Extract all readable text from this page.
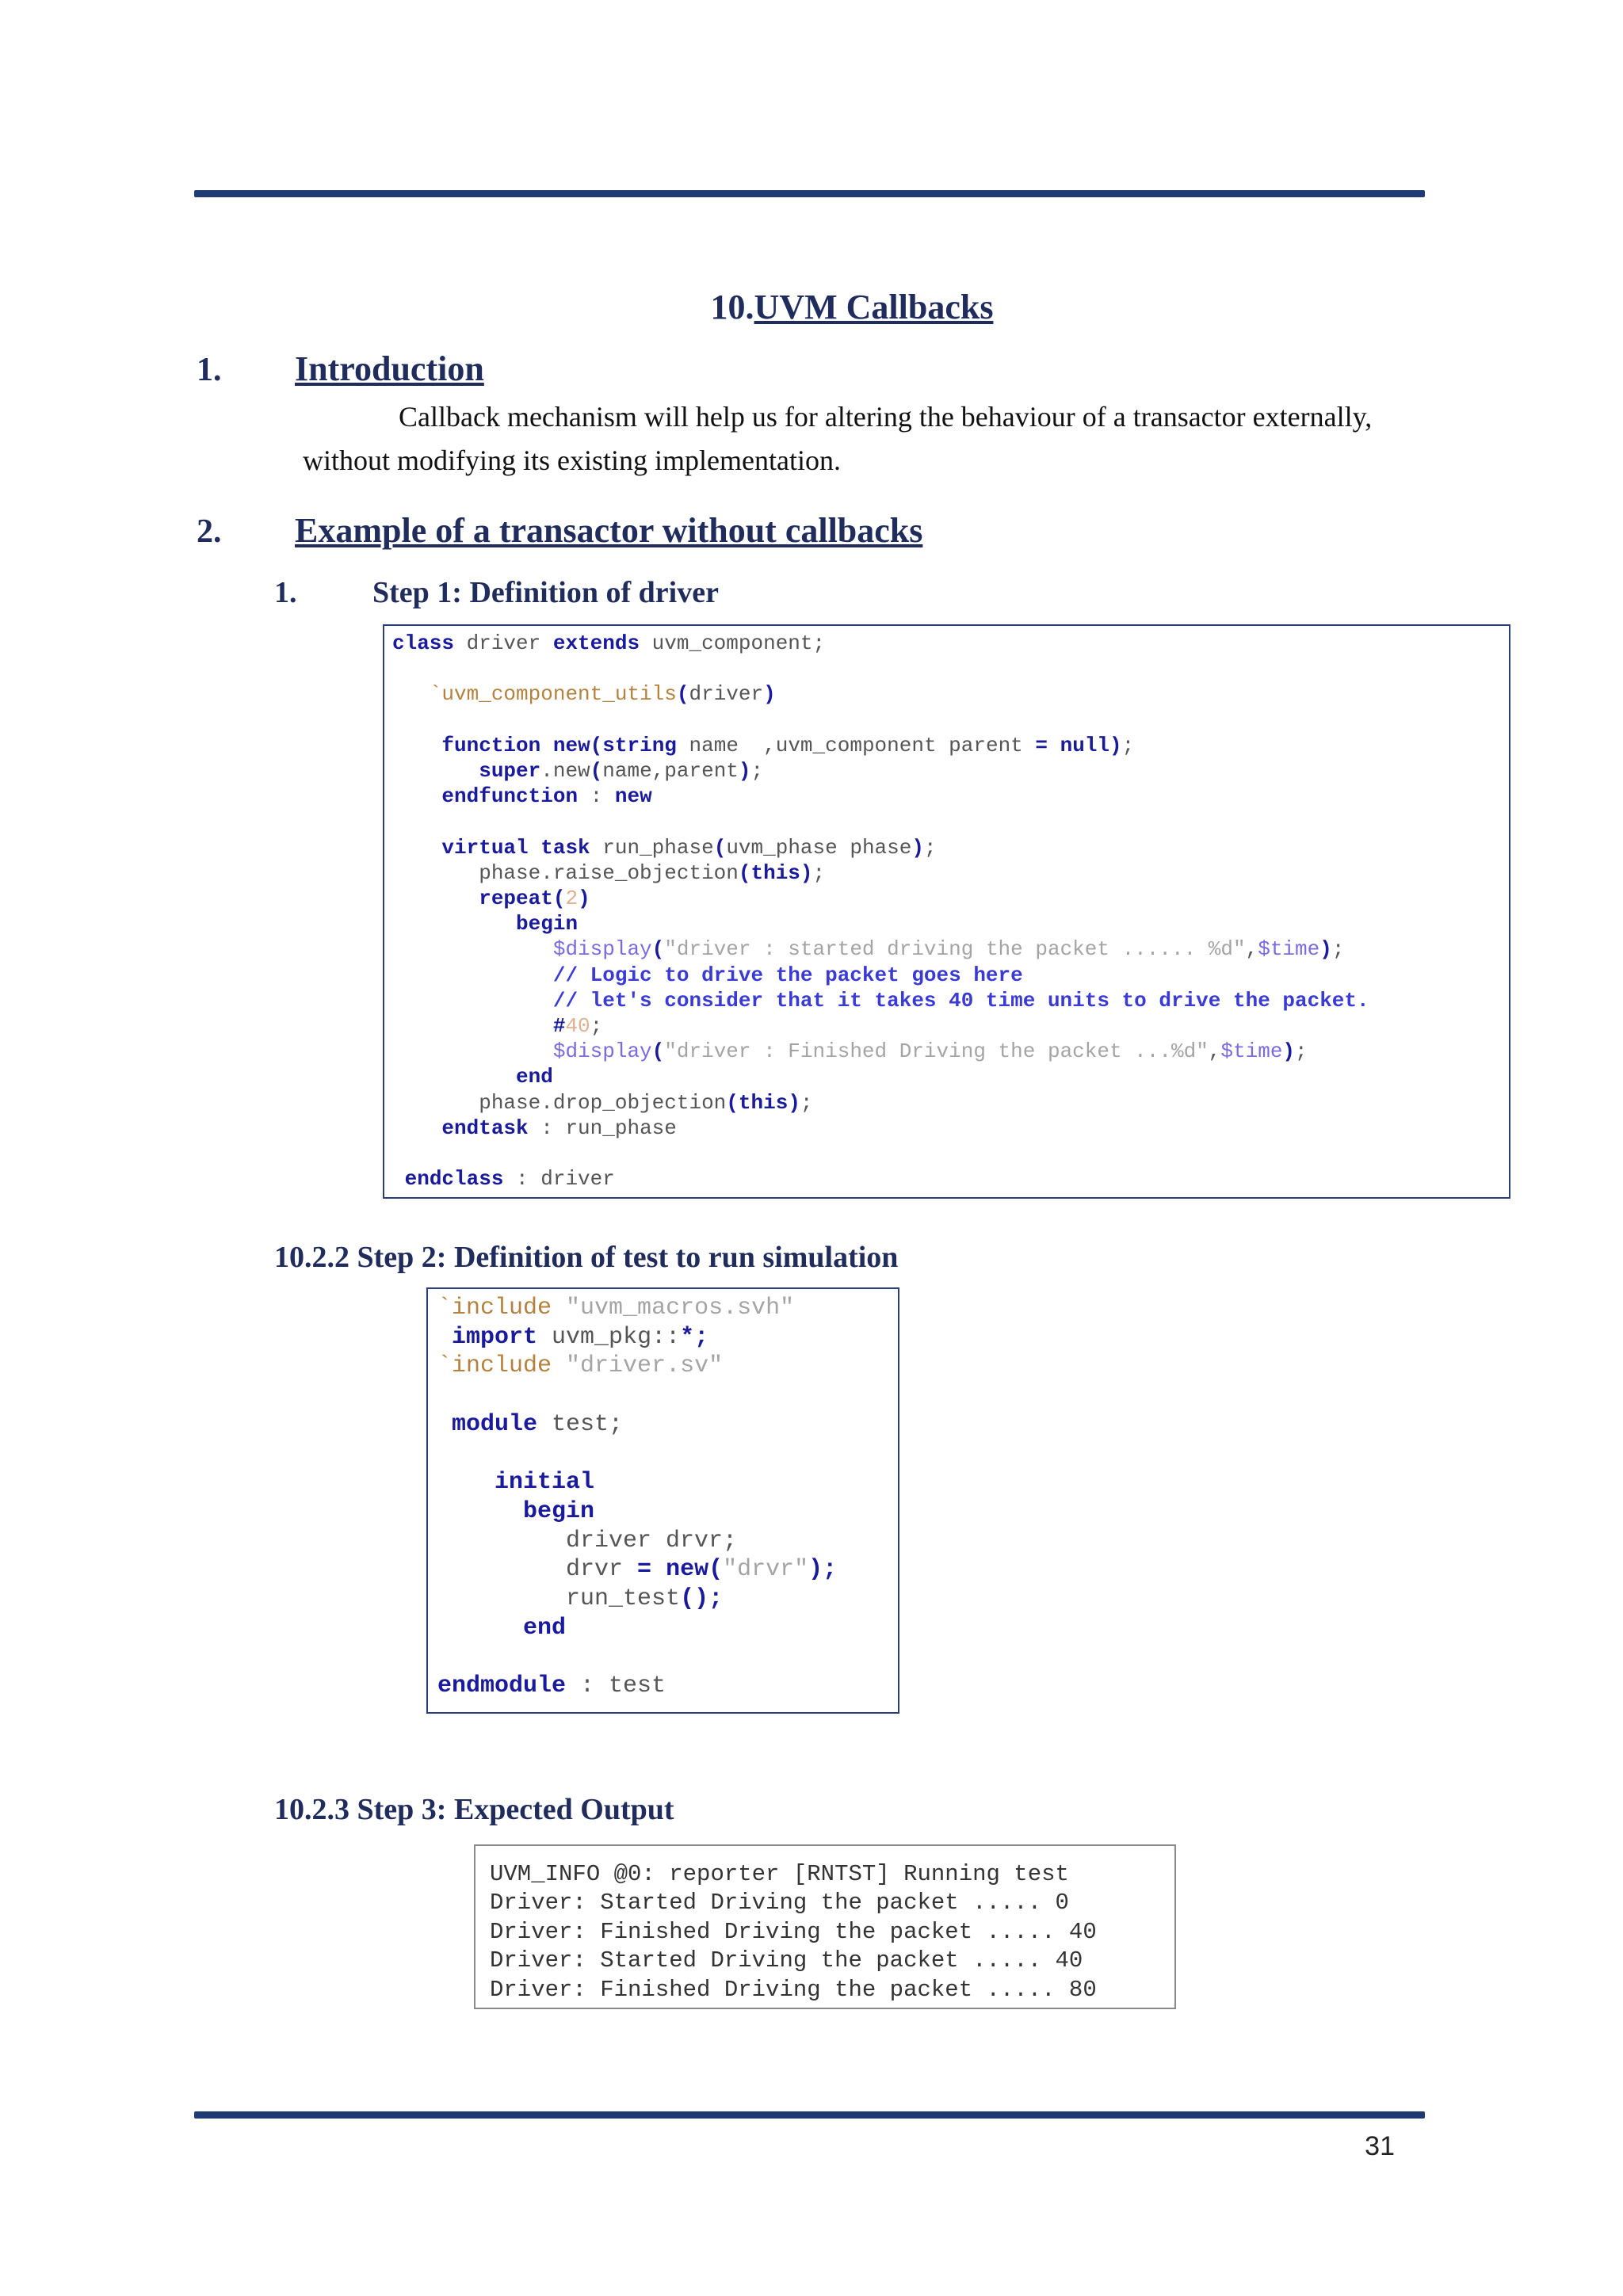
10.UVM Callbacks
1. Introduction
Callback mechanism will help us for altering the behaviour of a transactor externally,
without modifying its existing implementation.
2. Example of a transactor without callbacks
1.	Step 1: Definition of driver
class driver extends uvm_component;

`uvm_component_utils(driver)

function new(string name  ,uvm_component parent = null);
super.new(name,parent);
endfunction : new

virtual task run_phase(uvm_phase phase);
phase.raise_objection(this);
repeat(2)
begin
$display("driver : started driving the packet ...... %d",$time);
// Logic to drive the packet goes here
// let's consider that it takes 40 time units to drive the packet.
#40;
$display("driver : Finished Driving the packet ...%d",$time);
end
phase.drop_objection(this);
endtask : run_phase

endclass : driver
10.2.2 Step 2: Definition of test to run simulation
`include "uvm_macros.svh"
import uvm_pkg::*;
`include "driver.sv"

module test;

initial
begin
driver drvr;
drvr = new("drvr");
run_test();
end

endmodule : test
10.2.3 Step 3: Expected Output
UVM_INFO @0: reporter [RNTST] Running test
Driver: Started Driving the packet ..... 0
Driver: Finished Driving the packet ..... 40
Driver: Started Driving the packet ..... 40
Driver: Finished Driving the packet ..... 80
31
